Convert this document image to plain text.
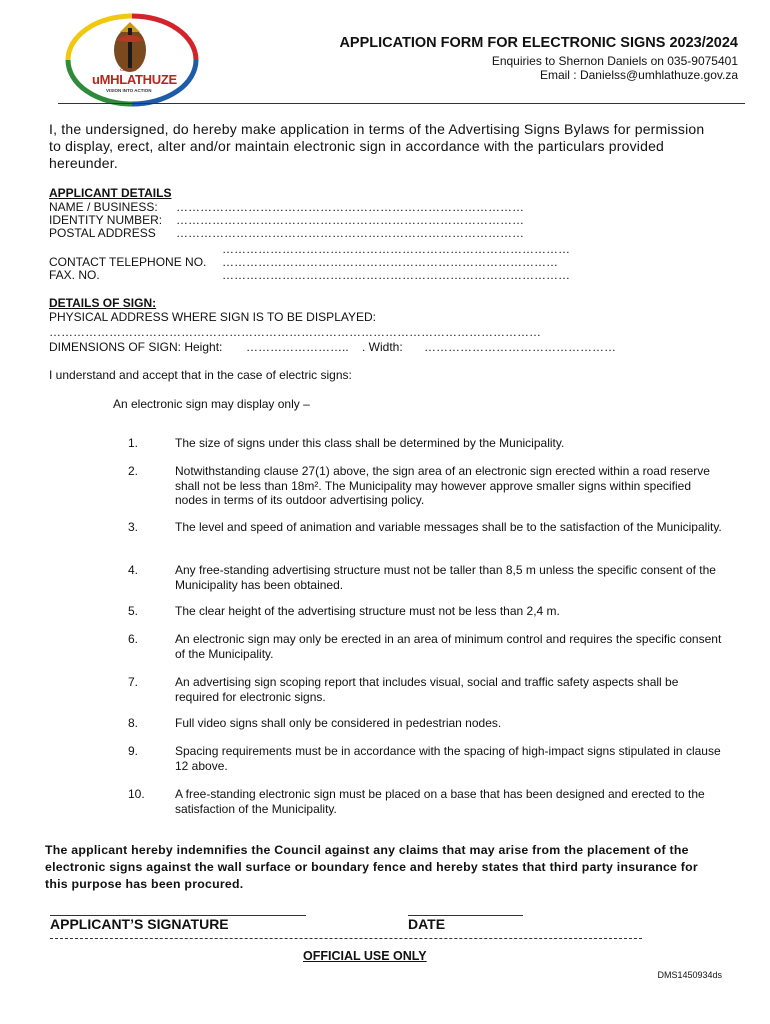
CITY OF
uMHLATHUZE
VISION INTO ACTION
APPLICATION FORM FOR ELECTRONIC SIGNS 2023/2024
Enquiries to Shernon Daniels on 035-9075401
Email : Danielss@umhlathuze.gov.za
I, the undersigned, do hereby make application in terms of the Advertising Signs Bylaws for permission to display, erect, alter and/or maintain electronic sign in accordance with the particulars provided hereunder.
APPLICANT DETAILS
NAME / BUSINESS: ……………………………………………………………………………
IDENTITY NUMBER: ……………………………………………………………………………
POSTAL ADDRESS ……………………………………………………………………………
……………………………………………………………………………
CONTACT TELEPHONE NO. …………………………………………………………………………
FAX. NO.	……………………………………………………………………………
DETAILS OF SIGN:
PHYSICAL ADDRESS WHERE SIGN IS TO BE DISPLAYED:
……………………………………………………………………………………………………………
DIMENSIONS OF SIGN: Height: …………………….. . Width: …………………………………………
I understand and accept that in the case of electric signs:
An electronic sign may display only –
1.	The size of signs under this class shall be determined by the Municipality.
2.	Notwithstanding clause 27(1) above, the sign area of an electronic sign erected within a road reserve shall not be less than 18m². The Municipality may however approve smaller signs within specified nodes in terms of its outdoor advertising policy.
3.	The level and speed of animation and variable messages shall be to the satisfaction of the Municipality.
4.	Any free-standing advertising structure must not be taller than 8,5 m unless the specific consent of the Municipality has been obtained.
5.	The clear height of the advertising structure must not be less than 2,4 m.
6.	An electronic sign may only be erected in an area of minimum control and requires the specific consent of the Municipality.
7.	An advertising sign scoping report that includes visual, social and traffic safety aspects shall be required for electronic signs.
8.	Full video signs shall only be considered in pedestrian nodes.
9.	Spacing requirements must be in accordance with the spacing of high-impact signs stipulated in clause 12 above.
10.	A free-standing electronic sign must be placed on a base that has been designed and erected to the satisfaction of the Municipality.
The applicant hereby indemnifies the Council against any claims that may arise from the placement of the electronic signs against the wall surface or boundary fence and hereby states that third party insurance for this purpose has been procured.
APPLICANT’S SIGNATURE	DATE
OFFICIAL USE ONLY
DMS1450934ds
